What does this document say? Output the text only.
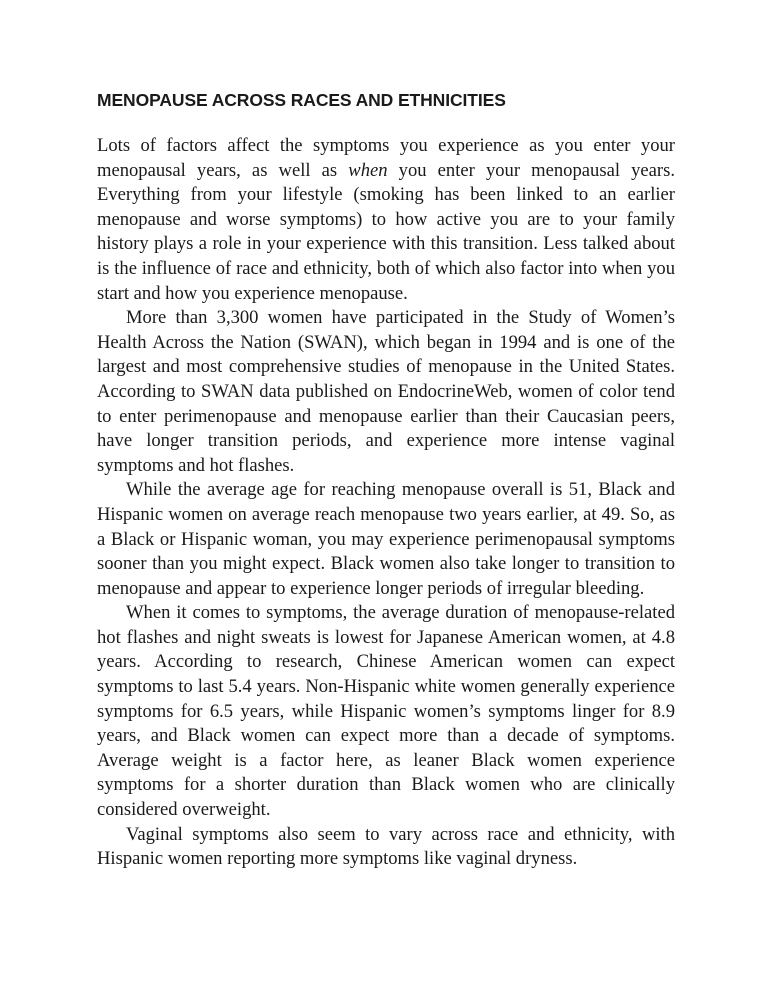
MENOPAUSE ACROSS RACES AND ETHNICITIES

Lots of factors affect the symptoms you experience as you enter your menopausal years, as well as when you enter your menopausal years. Everything from your lifestyle (smoking has been linked to an earlier menopause and worse symptoms) to how active you are to your family history plays a role in your experience with this transition. Less talked about is the influence of race and ethnicity, both of which also factor into when you start and how you experience menopause.

More than 3,300 women have participated in the Study of Women’s Health Across the Nation (SWAN), which began in 1994 and is one of the largest and most comprehensive studies of menopause in the United States. According to SWAN data published on EndocrineWeb, women of color tend to enter perimenopause and menopause earlier than their Caucasian peers, have longer transition periods, and experience more intense vaginal symptoms and hot flashes.

While the average age for reaching menopause overall is 51, Black and Hispanic women on average reach menopause two years earlier, at 49. So, as a Black or Hispanic woman, you may experience perimenopausal symptoms sooner than you might expect. Black women also take longer to transition to menopause and appear to experience longer periods of irregular bleeding.

When it comes to symptoms, the average duration of menopause-related hot flashes and night sweats is lowest for Japanese American women, at 4.8 years. According to research, Chinese American women can expect symptoms to last 5.4 years. Non-Hispanic white women generally experience symptoms for 6.5 years, while Hispanic women’s symptoms linger for 8.9 years, and Black women can expect more than a decade of symptoms. Average weight is a factor here, as leaner Black women experience symptoms for a shorter duration than Black women who are clinically considered overweight.

Vaginal symptoms also seem to vary across race and ethnicity, with Hispanic women reporting more symptoms like vaginal dryness.
